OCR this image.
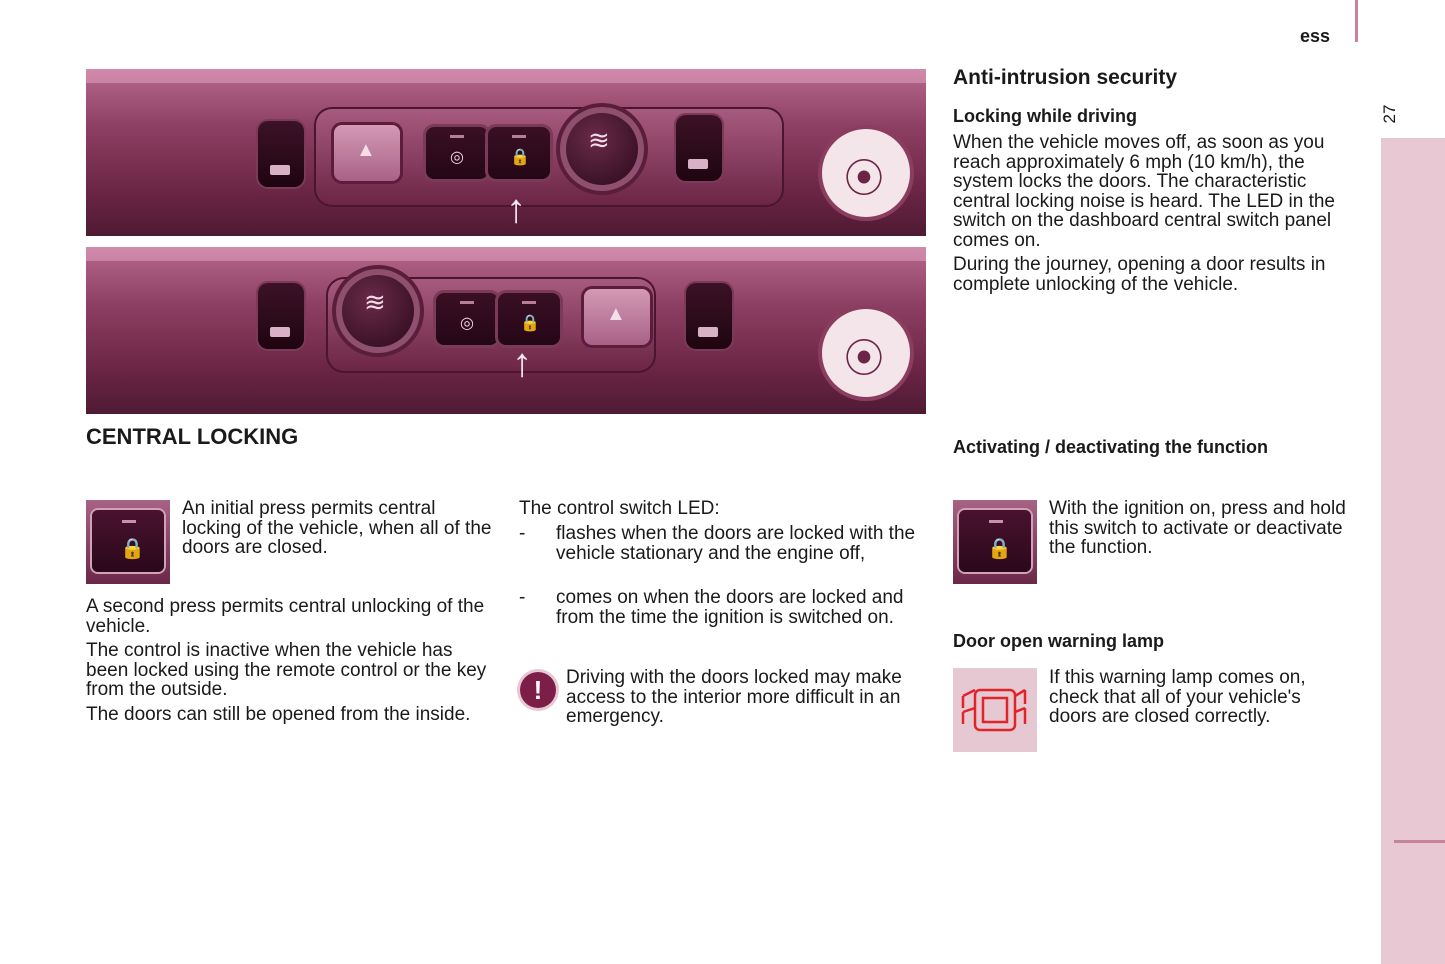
ess
27
▲	◎	🔒
≋
↑
⦿
≋
◎	🔒	▲
↑	⦿
CENTRAL LOCKING
🔒

An initial press permits central locking of the vehicle, when all of the doors are closed.

A second press permits central unlocking of the vehicle.

The control is inactive when the vehicle has been locked using the remote control or the key from the outside.

The doors can still be opened from the inside.

The control switch LED:

- flashes when the doors are locked with the vehicle stationary and the engine off,

- comes on when the doors are locked and from the time the ignition is switched on.

!	Driving with the doors locked may make access to the interior more difficult in an emergency.

Anti-intrusion security
Locking while driving

When the vehicle moves off, as soon as you reach approximately 6 mph (10 km/h), the system locks the doors. The characteristic central locking noise is heard. The LED in the switch on the dashboard central switch panel comes on.

During the journey, opening a door results in complete unlocking of the vehicle.

Activating / deactivating the function
🔒

With the ignition on, press and hold this switch to activate or deactivate the function.

Door open warning lamp

If this warning lamp comes on, check that all of your vehicle's doors are closed correctly.
